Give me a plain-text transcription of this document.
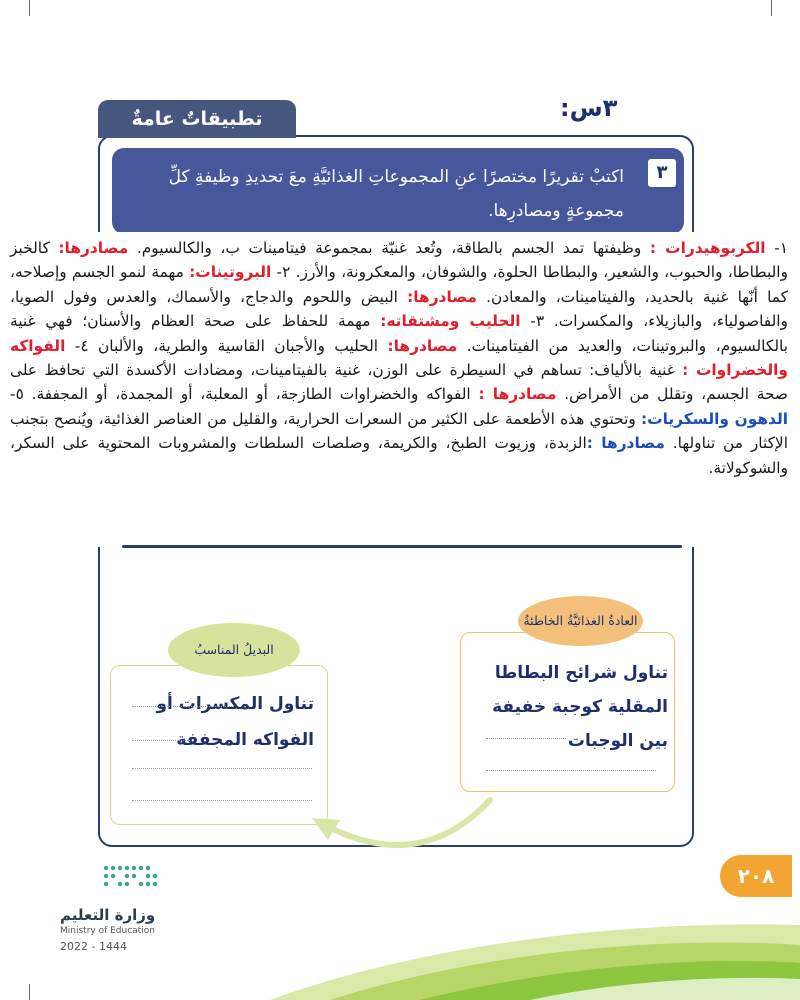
٣س:
تطبيقاتٌ عامةٌ
اكتبْ تقريرًا مختصرًا عنِ المجموعاتِ الغذائيَّةِ معَ تحديدِ وظيفةِ كلِّ مجموعةٍ ومصادرِها.
٣
١- الكربوهيدرات : وظيفتها تمد الجسم بالطاقة، وتُعد غنيّة بمجموعة فيتامينات ب، والكالسيوم. مصادرها: كالخبز والبطاطا، والحبوب، والشعير، والبطاطا الحلوة، والشوفان، والمعكرونة، والأرز. ٢- البروتينات: مهمة لنمو الجسم وإصلاحه، كما أنّها غنية بالحديد، والفيتامينات، والمعادن. مصادرها: البيض واللحوم والدجاج، والأسماك، والعدس وفول الصويا، والفاصولياء، والبازيلاء، والمكسرات. ٣- الحليب ومشتقاته: مهمة للحفاظ على صحة العظام والأسنان؛ فهي غنية بالكالسيوم، والبروتينات، والعديد من الفيتامينات. مصادرها: الحليب والأجبان القاسية والطرية، والألبان ٤- الفواكه والخضراوات : غنية بالألياف: تساهم في السيطرة على الوزن، غنية بالفيتامينات، ومضادات الأكسدة التي تحافظ على صحة الجسم، وتقلل من الأمراض. مصادرها : الفواكه والخضراوات الطازجة، أو المعلبة، أو المجمدة، أو المجففة. ٥- الدهون والسكريات: وتحتوي هذه الأطعمة على الكثير من السعرات الحرارية، والقليل من العناصر الغذائية، ويُنصح بتجنب الإكثار من تناولها. مصادرها :الزبدة، وزيوت الطبخ، والكريمة، وصلصات السلطات والمشروبات المحتوية على السكر، والشوكولاتة.
العادةُ الغذائيَّةُ الخاطئةُ
تناول شرائح البطاطا المقلية كوجبة خفيفة بين الوجبات
البديلُ المناسبُ
تناول المكسرات أو الفواكه المجففة
٢٠٨
وزارة التعليم
Ministry of Education
2022 - 1444
